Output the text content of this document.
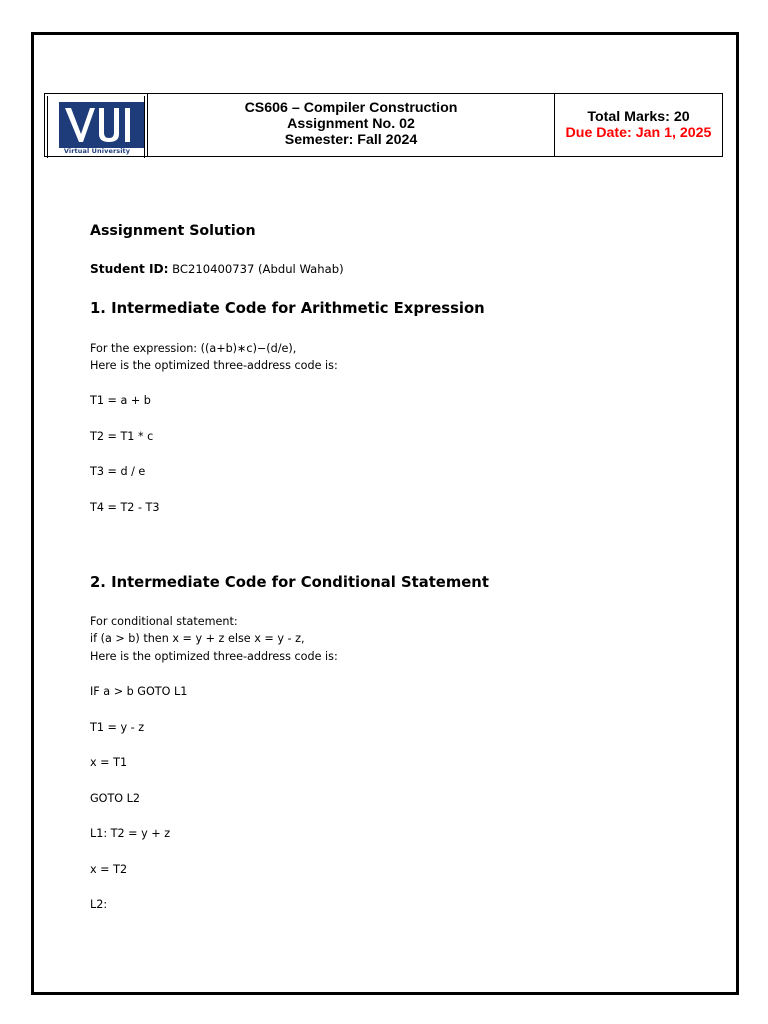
Virtual University
CS606 – Compiler Construction
Assignment No. 02
Semester: Fall 2024
Total Marks: 20
Due Date: Jan 1, 2025
Assignment Solution
Student ID: BC210400737 (Abdul Wahab)
1. Intermediate Code for Arithmetic Expression
For the expression: ((a+b)∗c)−(d/e),
Here is the optimized three-address code is:
T1 = a + b
T2 = T1 * c
T3 = d / e
T4 = T2 - T3
2. Intermediate Code for Conditional Statement
For conditional statement:
if (a > b) then x = y + z else x = y - z,
Here is the optimized three-address code is:
IF a > b GOTO L1
T1 = y - z
x = T1
GOTO L2
L1: T2 = y + z
x = T2
L2:
